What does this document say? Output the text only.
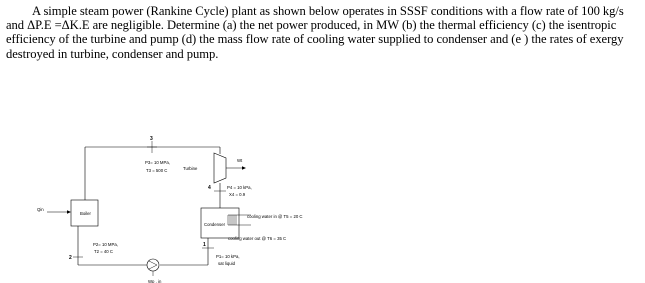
A simple steam power (Rankine Cycle) plant as shown below operates in SSSF conditions with a flow rate of 100 kg/s and ΔP.E =ΔK.E are negligible. Determine (a) the net power produced, in MW (b) the thermal efficiency (c) the isentropic efficiency of the turbine and pump (d) the mass flow rate of cooling water supplied to condenser and (e ) the rates of exergy destroyed in turbine, condenser and pump.

Boiler
Qin
3
P3= 10 MPa,
T3 = 500 C	Turbine
Wt
4	P4 = 10 kPa,
X4 = 0.9
Condenser
cooling water in @ T5 = 20 C
cooling water out @ T6 = 35 C
1
P1= 10 kPa,
sat liquid
Wp , in
2
P2= 10 MPa,
T2 = 40 C
